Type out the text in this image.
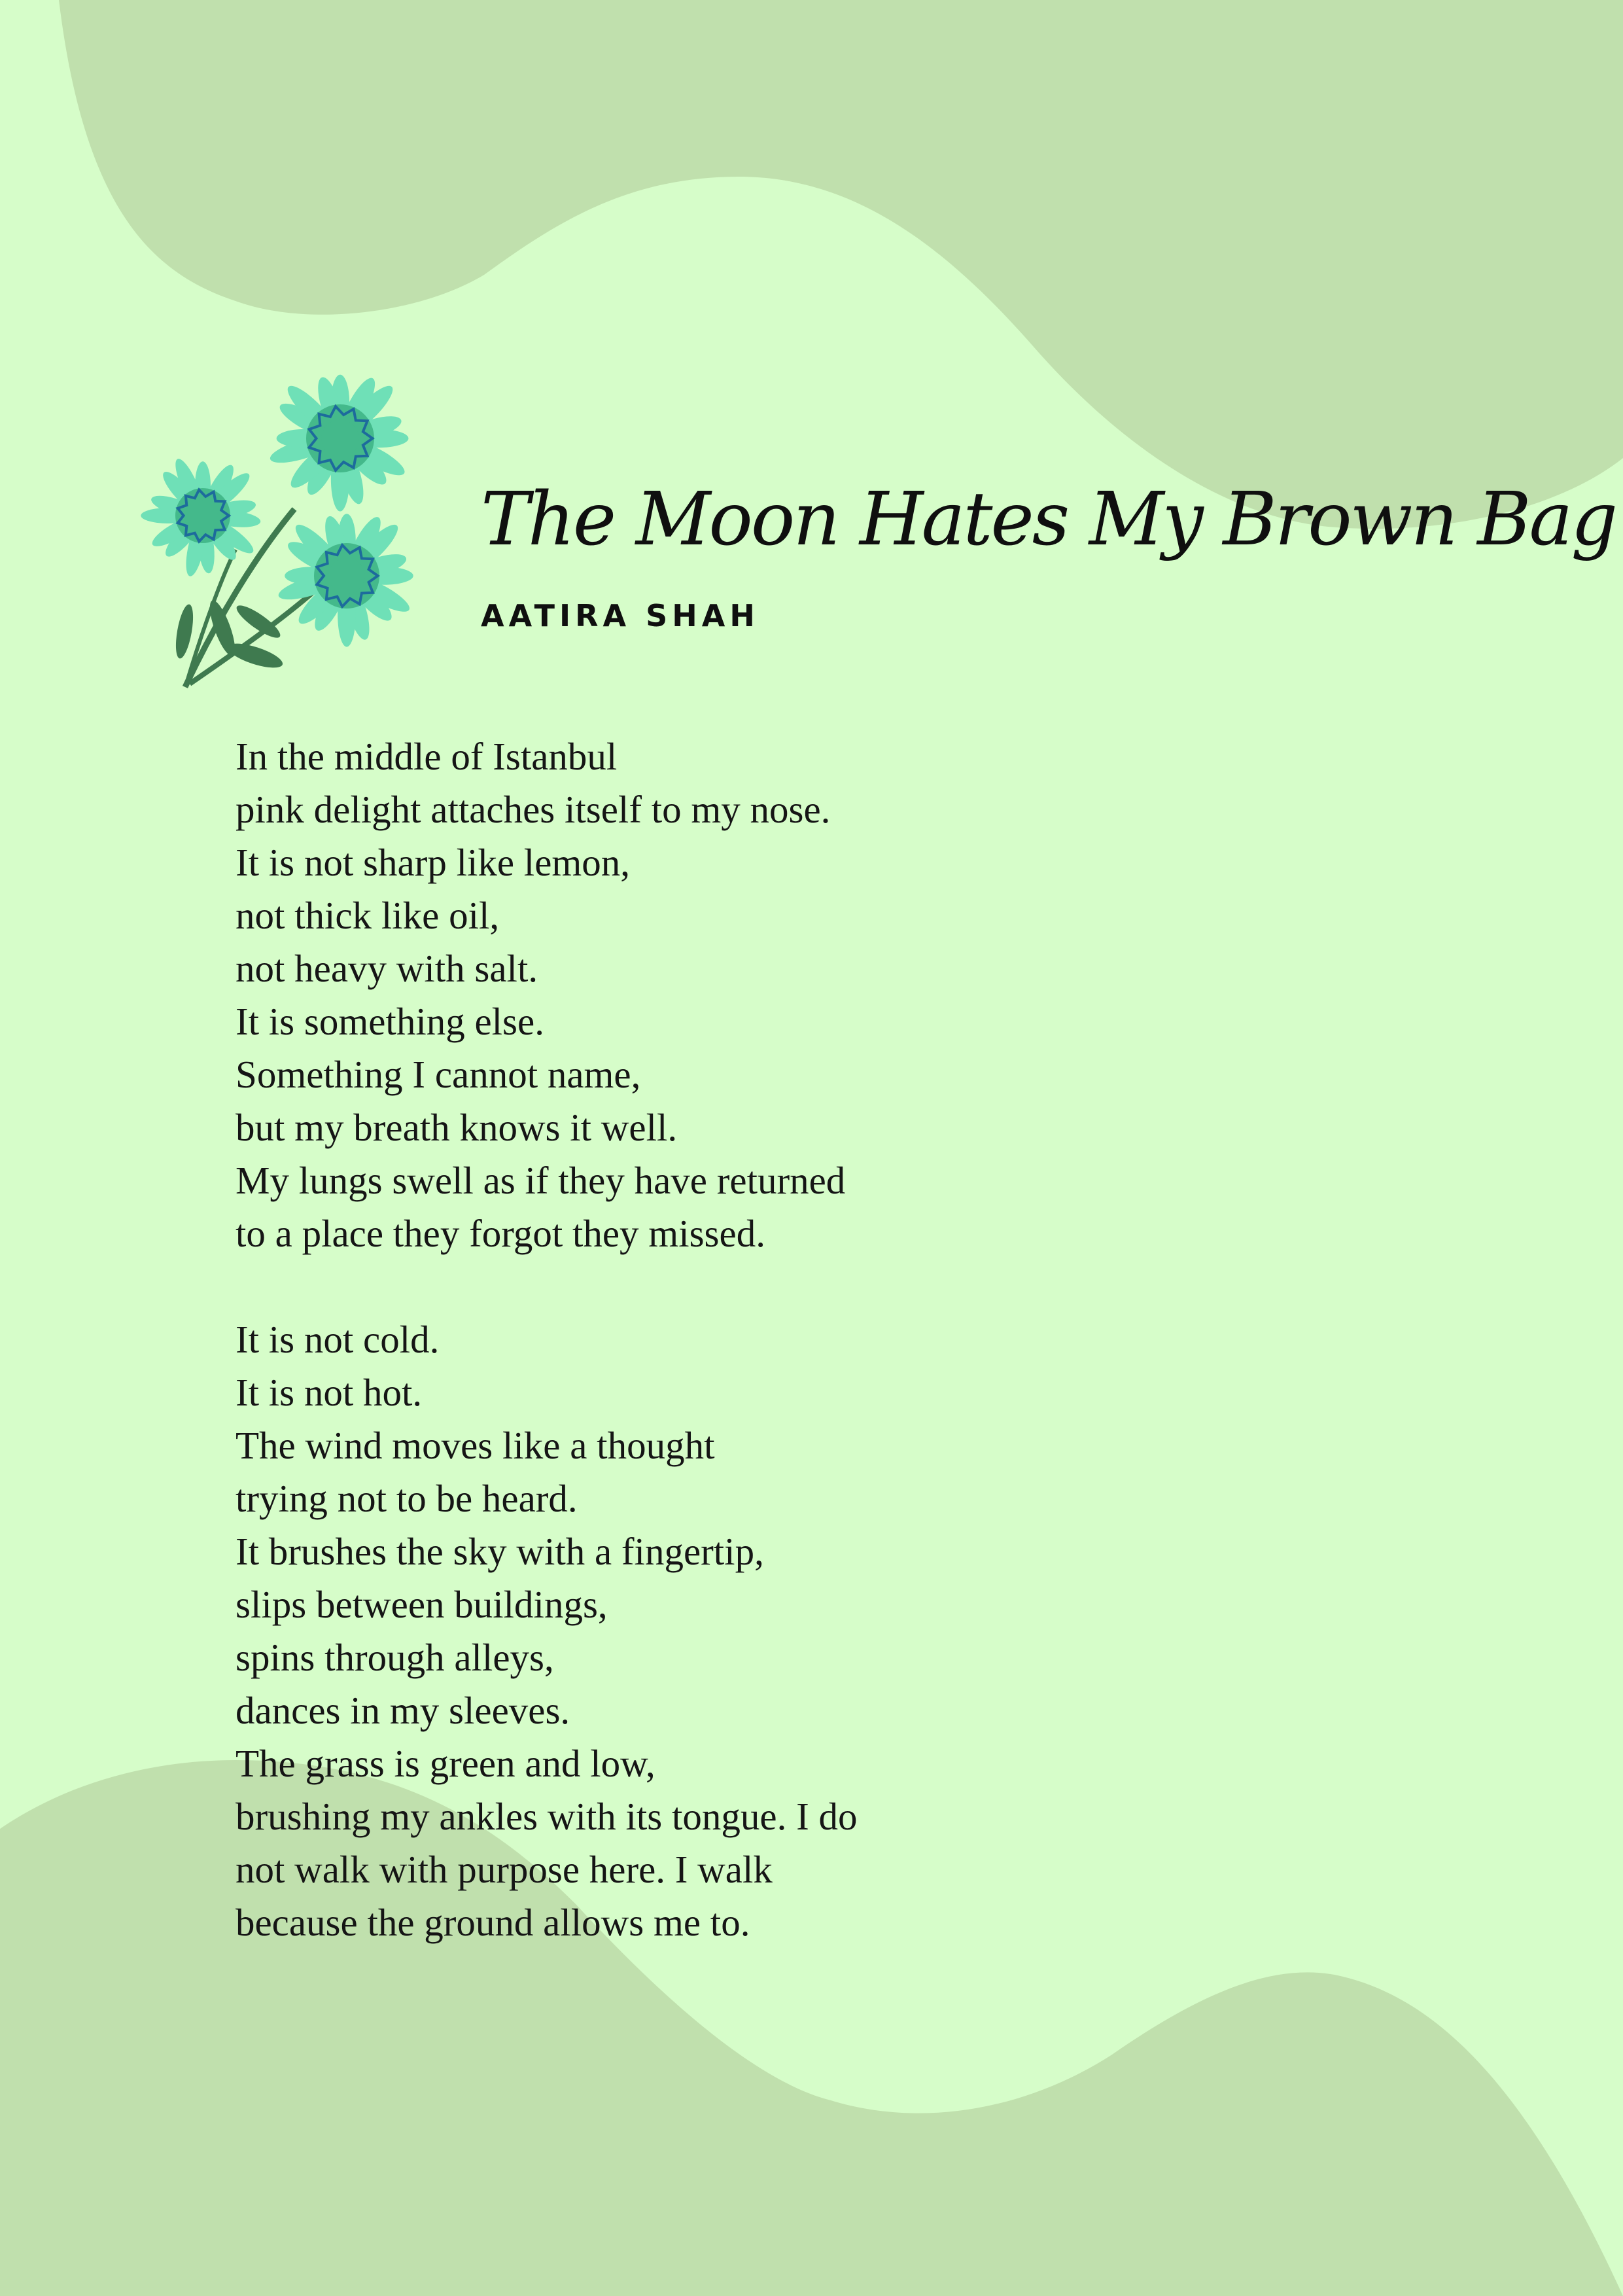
The Moon Hates My Brown Bag
AATIRA SHAH
In the middle of Istanbul
pink delight attaches itself to my nose.
It is not sharp like lemon,
not thick like oil,
not heavy with salt.
It is something else.
Something I cannot name,
but my breath knows it well.
My lungs swell as if they have returned
to a place they forgot they missed.
It is not cold.
It is not hot.
The wind moves like a thought
trying not to be heard.
It brushes the sky with a fingertip,
slips between buildings,
spins through alleys,
dances in my sleeves.
The grass is green and low,
brushing my ankles with its tongue. I do
not walk with purpose here. I walk
because the ground allows me to.
